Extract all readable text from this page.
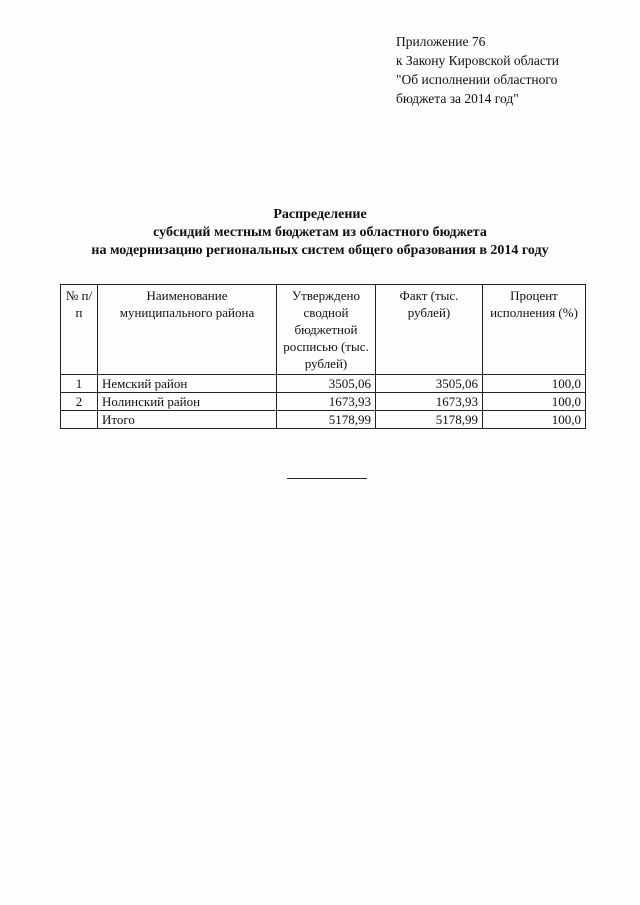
Приложение 76
к Закону Кировской области
"Об исполнении областного
бюджета за 2014 год"
Распределение
субсидий местным бюджетам из областного бюджета
на модернизацию региональных систем общего образования в 2014 году
№ п/п	Наименование муниципального района	Утверждено сводной бюджетной росписью (тыс. рублей)	Факт (тыс. рублей)	Процент исполнения (%)
1	Немский район	3505,06	3505,06	100,0
2	Нолинский район	1673,93	1673,93	100,0
	Итого	5178,99	5178,99	100,0
